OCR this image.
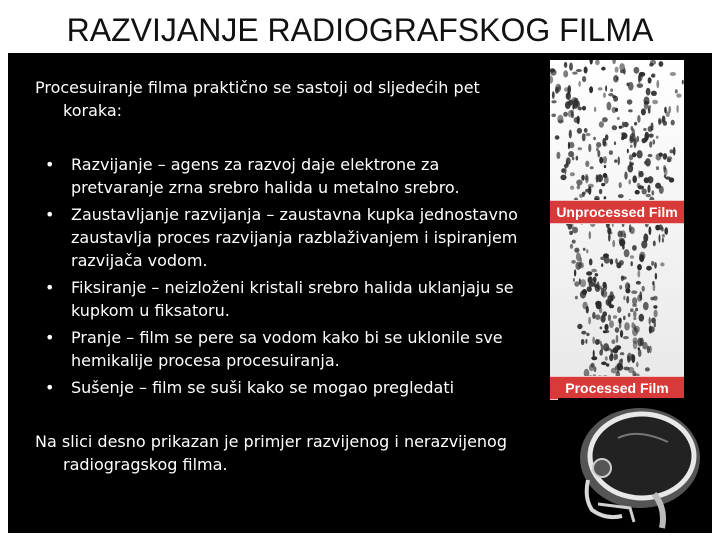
RAZVIJANJE RADIOGRAFSKOG FILMA

Procesuiranje filma praktično se sastoji od sljedećih pet koraka:

• Razvijanje – agens za razvoj daje elektrone za pretvaranje zrna srebro halida u metalno srebro.
• Zaustavljanje razvijanja – zaustavna kupka jednostavno zaustavlja proces razvijanja razblaživanjem i ispiranjem razvijača vodom.
• Fiksiranje – neizloženi kristali srebro halida uklanjaju se kupkom u fiksatoru.
• Pranje – film se pere sa vodom kako bi se uklonile sve hemikalije procesa procesuiranja.
• Sušenje – film se suši kako se mogao pregledati

Na slici desno prikazan je primjer razvijenog i nerazvijenog radiogragskog filma.

Unprocessed Film
Processed Film
